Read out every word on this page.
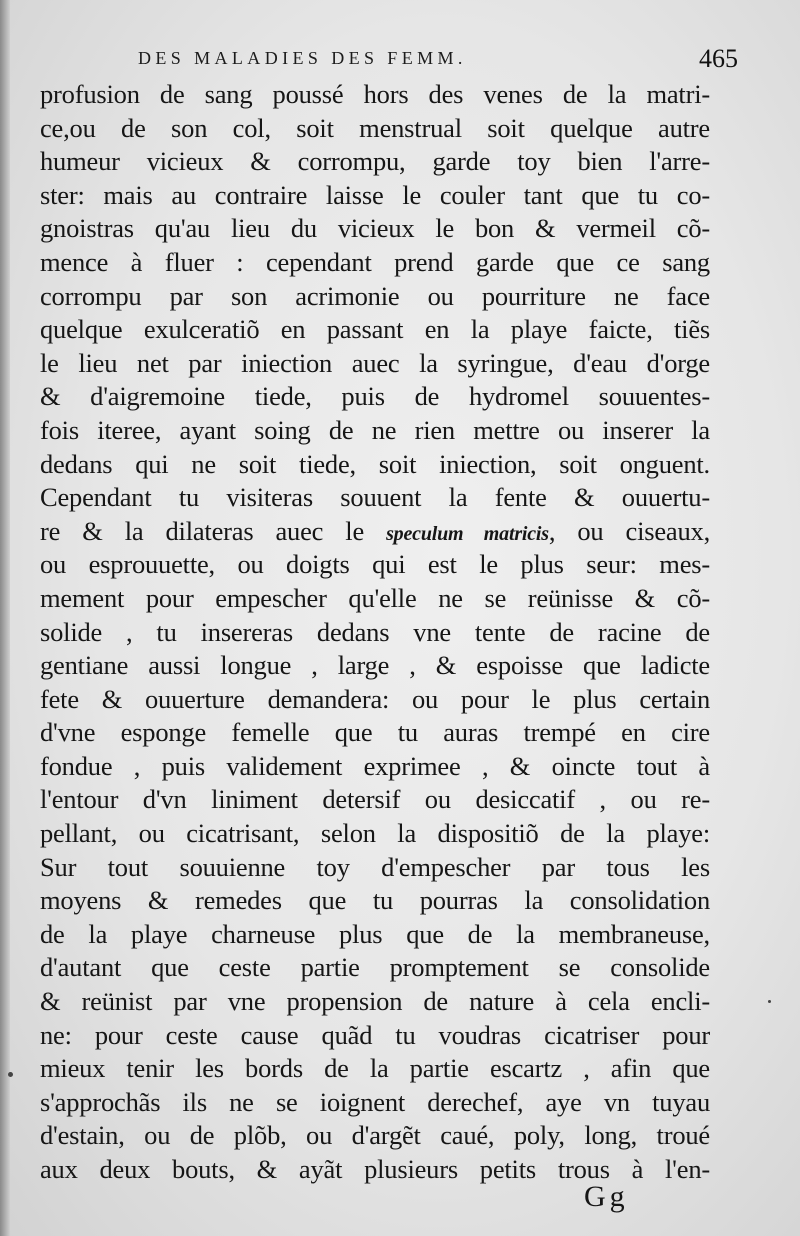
DES MALADIES DES FEMM.	465
profusion de sang poussé hors des venes de la matri-
ce,ou de son col, soit menstrual soit quelque autre
humeur vicieux & corrompu, garde toy bien l'arre-
ster: mais au contraire laisse le couler tant que tu co-
gnoistras qu'au lieu du vicieux le bon & vermeil cõ-
mence à fluer : cependant prend garde que ce sang
corrompu par son acrimonie ou pourriture ne face
quelque exulceratiõ en passant en la playe faicte, tiẽs
le lieu net par iniection auec la syringue, d'eau d'orge
& d'aigremoine tiede, puis de hydromel souuentes-
fois iteree, ayant soing de ne rien mettre ou inserer la
dedans qui ne soit tiede, soit iniection, soit onguent.
Cependant tu visiteras souuent la fente & ouuertu-
re & la dilateras auec le speculum matricis, ou ciseaux,
ou esprouuette, ou doigts qui est le plus seur: mes-
mement pour empescher qu'elle ne se reünisse & cõ-
solide , tu insereras dedans vne tente de racine de
gentiane aussi longue , large , & espoisse que ladicte
fete & ouuerture demandera: ou pour le plus certain
d'vne esponge femelle que tu auras trempé en cire
fondue , puis validement exprimee , & oincte tout à
l'entour d'vn liniment detersif ou desiccatif , ou re-
pellant, ou cicatrisant, selon la dispositiõ de la playe:
Sur tout souuienne toy d'empescher par tous les
moyens & remedes que tu pourras la consolidation
de la playe charneuse plus que de la membraneuse,
d'autant que ceste partie promptement se consolide
& reünist par vne propension de nature à cela encli-
ne: pour ceste cause quãd tu voudras cicatriser pour
mieux tenir les bords de la partie escartz , afin que
s'approchãs ils ne se ioignent derechef, aye vn tuyau
d'estain, ou de plõb, ou d'argẽt caué, poly, long, troué
aux deux bouts, & ayãt plusieurs petits trous à l'en-
Gg
